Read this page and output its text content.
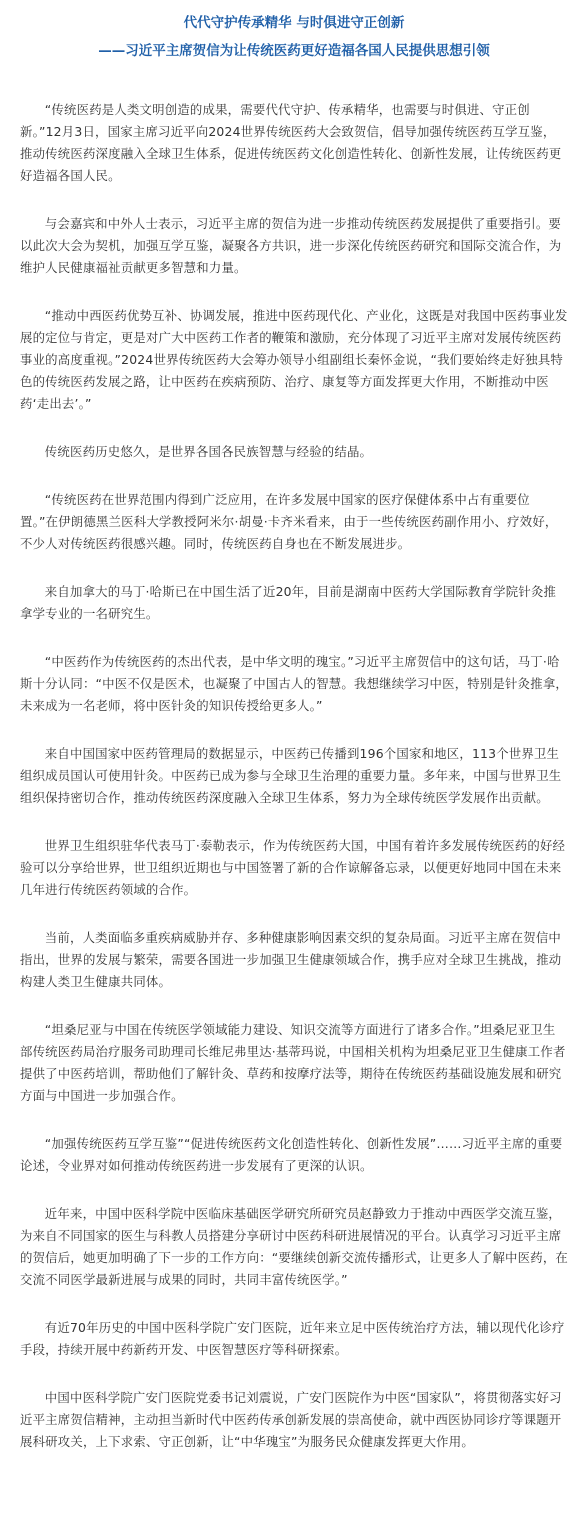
代代守护传承精华 与时俱进守正创新
——习近平主席贺信为让传统医药更好造福各国人民提供思想引领

“传统医药是人类文明创造的成果，需要代代守护、传承精华，也需要与时俱进、守正创新。”12月3日，国家主席习近平向2024世界传统医药大会致贺信，倡导加强传统医药互学互鉴，推动传统医药深度融入全球卫生体系，促进传统医药文化创造性转化、创新性发展，让传统医药更好造福各国人民。

与会嘉宾和中外人士表示，习近平主席的贺信为进一步推动传统医药发展提供了重要指引。要以此次大会为契机，加强互学互鉴，凝聚各方共识，进一步深化传统医药研究和国际交流合作，为维护人民健康福祉贡献更多智慧和力量。

“推动中西医药优势互补、协调发展，推进中医药现代化、产业化，这既是对我国中医药事业发展的定位与肯定，更是对广大中医药工作者的鞭策和激励，充分体现了习近平主席对发展传统医药事业的高度重视。”2024世界传统医药大会筹办领导小组副组长秦怀金说，“我们要始终走好独具特色的传统医药发展之路，让中医药在疾病预防、治疗、康复等方面发挥更大作用，不断推动中医药‘走出去’。”

传统医药历史悠久，是世界各国各民族智慧与经验的结晶。

“传统医药在世界范围内得到广泛应用，在许多发展中国家的医疗保健体系中占有重要位置。”在伊朗德黑兰医科大学教授阿米尔·胡曼·卡齐米看来，由于一些传统医药副作用小、疗效好，不少人对传统医药很感兴趣。同时，传统医药自身也在不断发展进步。

来自加拿大的马丁·哈斯已在中国生活了近20年，目前是湖南中医药大学国际教育学院针灸推拿学专业的一名研究生。

“中医药作为传统医药的杰出代表，是中华文明的瑰宝。”习近平主席贺信中的这句话，马丁·哈斯十分认同：“中医不仅是医术，也凝聚了中国古人的智慧。我想继续学习中医，特别是针灸推拿，未来成为一名老师，将中医针灸的知识传授给更多人。”

来自中国国家中医药管理局的数据显示，中医药已传播到196个国家和地区，113个世界卫生组织成员国认可使用针灸。中医药已成为参与全球卫生治理的重要力量。多年来，中国与世界卫生组织保持密切合作，推动传统医药深度融入全球卫生体系，努力为全球传统医学发展作出贡献。

世界卫生组织驻华代表马丁·泰勒表示，作为传统医药大国，中国有着许多发展传统医药的好经验可以分享给世界，世卫组织近期也与中国签署了新的合作谅解备忘录，以便更好地同中国在未来几年进行传统医药领域的合作。

当前，人类面临多重疾病威胁并存、多种健康影响因素交织的复杂局面。习近平主席在贺信中指出，世界的发展与繁荣，需要各国进一步加强卫生健康领域合作，携手应对全球卫生挑战，推动构建人类卫生健康共同体。

“坦桑尼亚与中国在传统医学领域能力建设、知识交流等方面进行了诸多合作。”坦桑尼亚卫生部传统医药局治疗服务司助理司长维尼弗里达·基蒂玛说，中国相关机构为坦桑尼亚卫生健康工作者提供了中医药培训，帮助他们了解针灸、草药和按摩疗法等，期待在传统医药基础设施发展和研究方面与中国进一步加强合作。

“加强传统医药互学互鉴”“促进传统医药文化创造性转化、创新性发展”……习近平主席的重要论述，令业界对如何推动传统医药进一步发展有了更深的认识。

近年来，中国中医科学院中医临床基础医学研究所研究员赵静致力于推动中西医学交流互鉴，为来自不同国家的医生与科教人员搭建分享研讨中医药科研进展情况的平台。认真学习习近平主席的贺信后，她更加明确了下一步的工作方向：“要继续创新交流传播形式，让更多人了解中医药，在交流不同医学最新进展与成果的同时，共同丰富传统医学。”

有近70年历史的中国中医科学院广安门医院，近年来立足中医传统治疗方法，辅以现代化诊疗手段，持续开展中药新药开发、中医智慧医疗等科研探索。

中国中医科学院广安门医院党委书记刘震说，广安门医院作为中医“国家队”，将贯彻落实好习近平主席贺信精神，主动担当新时代中医药传承创新发展的崇高使命，就中西医协同诊疗等课题开展科研攻关，上下求索、守正创新，让“中华瑰宝”为服务民众健康发挥更大作用。
